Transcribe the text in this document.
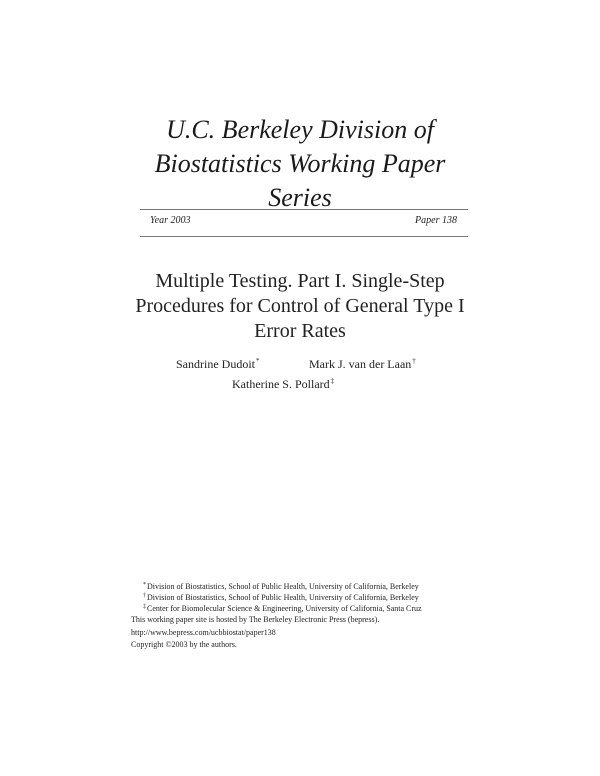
U.C. Berkeley Division of
Biostatistics Working Paper
Series
Year 2003	Paper 138
Multiple Testing. Part I. Single-Step
Procedures for Control of General Type I
Error Rates
Sandrine Dudoit*	Mark J. van der Laan†
Katherine S. Pollard‡
*Division of Biostatistics, School of Public Health, University of California, Berkeley
†Division of Biostatistics, School of Public Health, University of California, Berkeley
‡Center for Biomolecular Science & Engineering, University of California, Santa Cruz
This working paper site is hosted by The Berkeley Electronic Press (bepress).
http://www.bepress.com/ucbbiostat/paper138
Copyright ©2003 by the authors.
